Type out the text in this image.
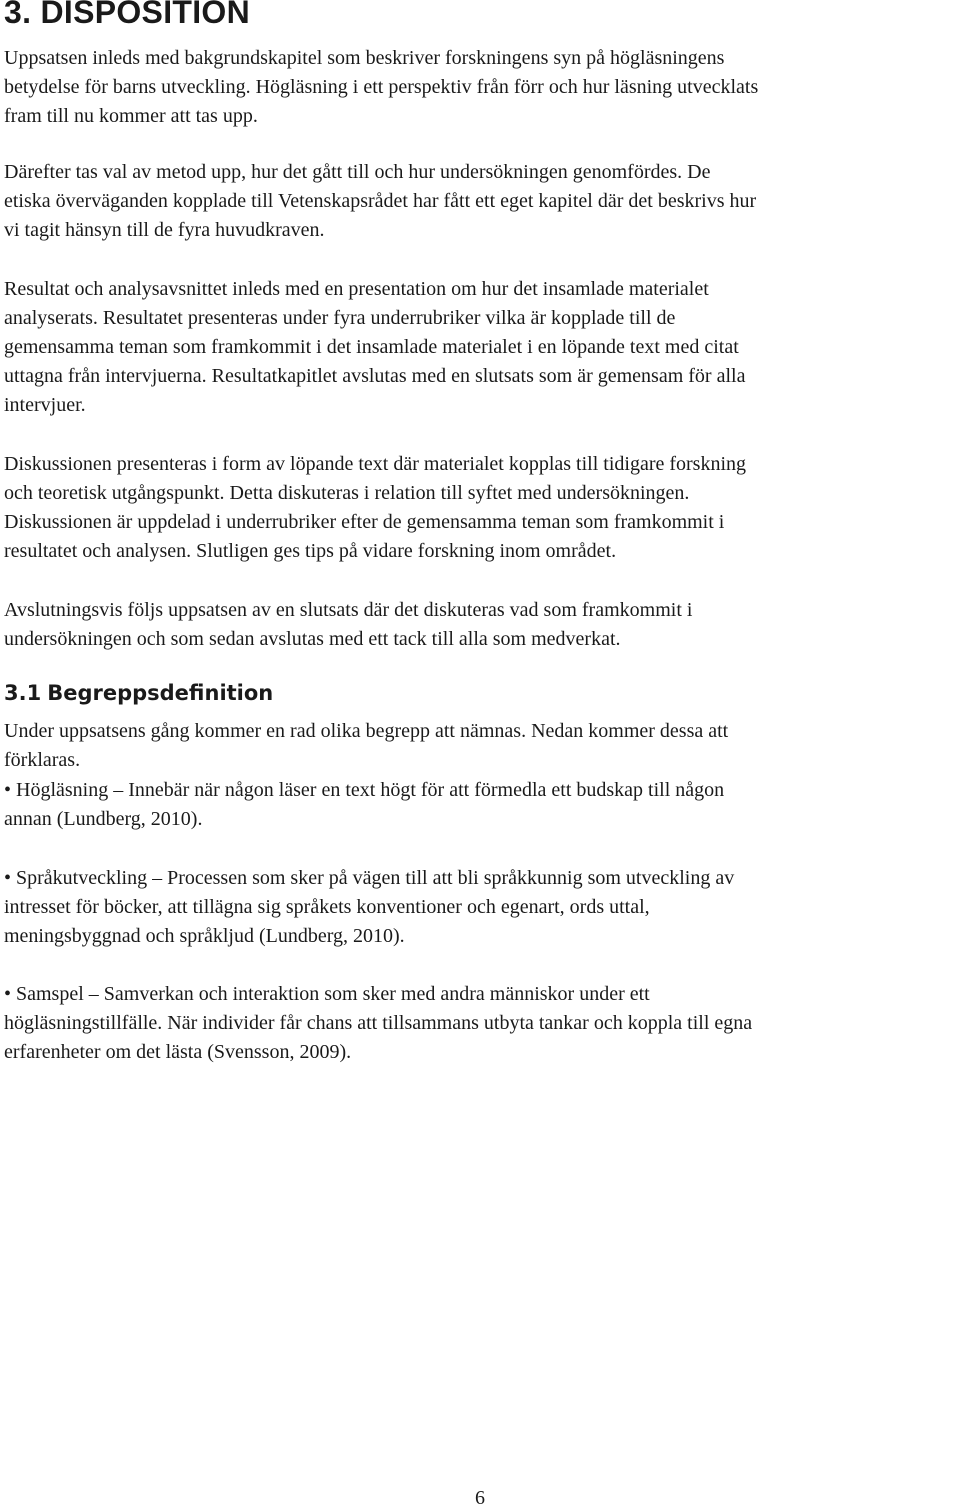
3. DISPOSITION

Uppsatsen inleds med bakgrundskapitel som beskriver forskningens syn på högläsningens
betydelse för barns utveckling. Högläsning i ett perspektiv från förr och hur läsning utvecklats
fram till nu kommer att tas upp.

Därefter tas val av metod upp, hur det gått till och hur undersökningen genomfördes. De
etiska överväganden kopplade till Vetenskapsrådet har fått ett eget kapitel där det beskrivs hur
vi tagit hänsyn till de fyra huvudkraven.

Resultat och analysavsnittet inleds med en presentation om hur det insamlade materialet
analyserats. Resultatet presenteras under fyra underrubriker vilka är kopplade till de
gemensamma teman som framkommit i det insamlade materialet i en löpande text med citat
uttagna från intervjuerna. Resultatkapitlet avslutas med en slutsats som är gemensam för alla
intervjuer.

Diskussionen presenteras i form av löpande text där materialet kopplas till tidigare forskning
och teoretisk utgångspunkt. Detta diskuteras i relation till syftet med undersökningen.
Diskussionen är uppdelad i underrubriker efter de gemensamma teman som framkommit i
resultatet och analysen. Slutligen ges tips på vidare forskning inom området.

Avslutningsvis följs uppsatsen av en slutsats där det diskuteras vad som framkommit i
undersökningen och som sedan avslutas med ett tack till alla som medverkat.

3.1 Begreppsdefinition

Under uppsatsens gång kommer en rad olika begrepp att nämnas. Nedan kommer dessa att
förklaras.

• Högläsning – Innebär när någon läser en text högt för att förmedla ett budskap till någon
annan (Lundberg, 2010).

• Språkutveckling – Processen som sker på vägen till att bli språkkunnig som utveckling av
intresset för böcker, att tillägna sig språkets konventioner och egenart, ords uttal,
meningsbyggnad och språkljud (Lundberg, 2010).

• Samspel – Samverkan och interaktion som sker med andra människor under ett
högläsningstillfälle. När individer får chans att tillsammans utbyta tankar och koppla till egna
erfarenheter om det lästa (Svensson, 2009).

6
